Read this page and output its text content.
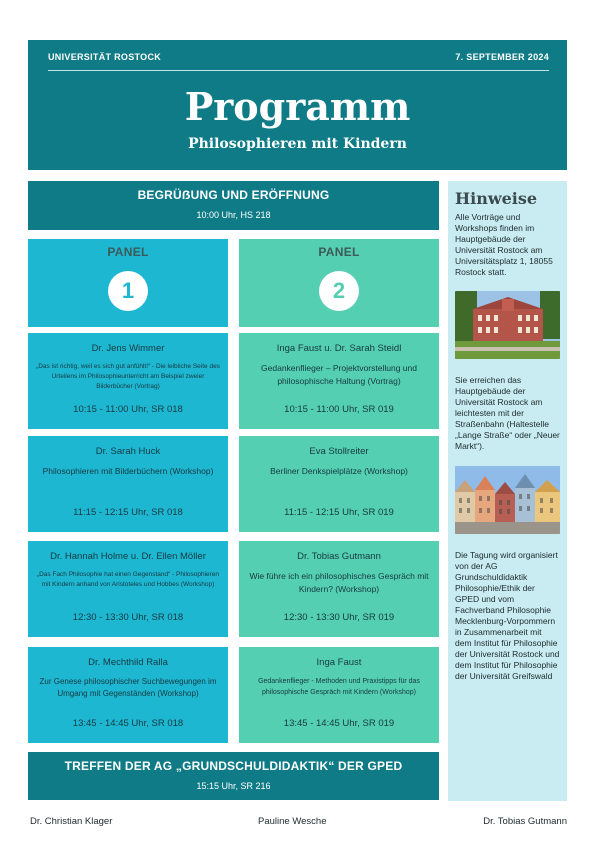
UNIVERSITÄT ROSTOCK	7. SEPTEMBER 2024
Programm
Philosophieren mit Kindern
BEGRÜẞUNG UND ERÖFFNUNG
10:00 Uhr, HS 218
PANEL
1
PANEL
2
Dr. Jens Wimmer
„Das ist richtig, weil es sich gut anfühlt!“ - Die leibliche Seite des Urteilens im Philosophieunterricht am Beispiel zweier Bilderbücher (Vortrag)
10:15 - 11:00 Uhr, SR 018
Inga Faust u. Dr. Sarah Steidl
Gedankenflieger – Projektvorstellung und philosophische Haltung (Vortrag)
10:15 - 11:00 Uhr, SR 019
Dr. Sarah Huck
Philosophieren mit Bilderbüchern (Workshop)
11:15 - 12:15 Uhr, SR 018
Eva Stollreiter
Berliner Denkspielplätze (Workshop)
11:15 - 12:15 Uhr, SR 019
Dr. Hannah Holme u. Dr. Ellen Möller
„Das Fach Philosophie hat einen Gegenstand“ - Philosophieren mit Kindern anhand von Aristoteles und Hobbes (Workshop)
12:30 - 13:30 Uhr, SR 018
Dr. Tobias Gutmann
Wie führe ich ein philosophisches Gespräch mit Kindern? (Workshop)
12:30 - 13:30 Uhr, SR 019
Dr. Mechthild Ralla
Zur Genese philosophischer Suchbewegungen im Umgang mit Gegenständen (Workshop)
13:45 - 14:45 Uhr, SR 018
Inga Faust
Gedankenflieger - Methoden und Praxistipps für das philosophische Gespräch mit Kindern (Workshop)
13:45 - 14:45 Uhr, SR 019
TREFFEN DER AG „GRUNDSCHULDIDAKTIK“ DER GPED
15:15 Uhr, SR 216
Hinweise
Alle Vorträge und Workshops finden im Hauptgebäude der Universität Rostock am Universitätsplatz 1, 18055 Rostock statt.
Sie erreichen das Hauptgebäude der Universität Rostock am leichtesten mit der Straßenbahn (Haltestelle „Lange Straße“ oder „Neuer Markt“).
Die Tagung wird organisiert von der AG Grundschuldidaktik Philosophie/Ethik der GPED und vom Fachverband Philosophie Mecklenburg-Vorpommern in Zusammenarbeit mit dem Institut für Philosophie der Universität Rostock und dem Institut für Philosophie der Universität Greifswald
Dr. Christian Klager	Pauline Wesche	Dr. Tobias Gutmann
